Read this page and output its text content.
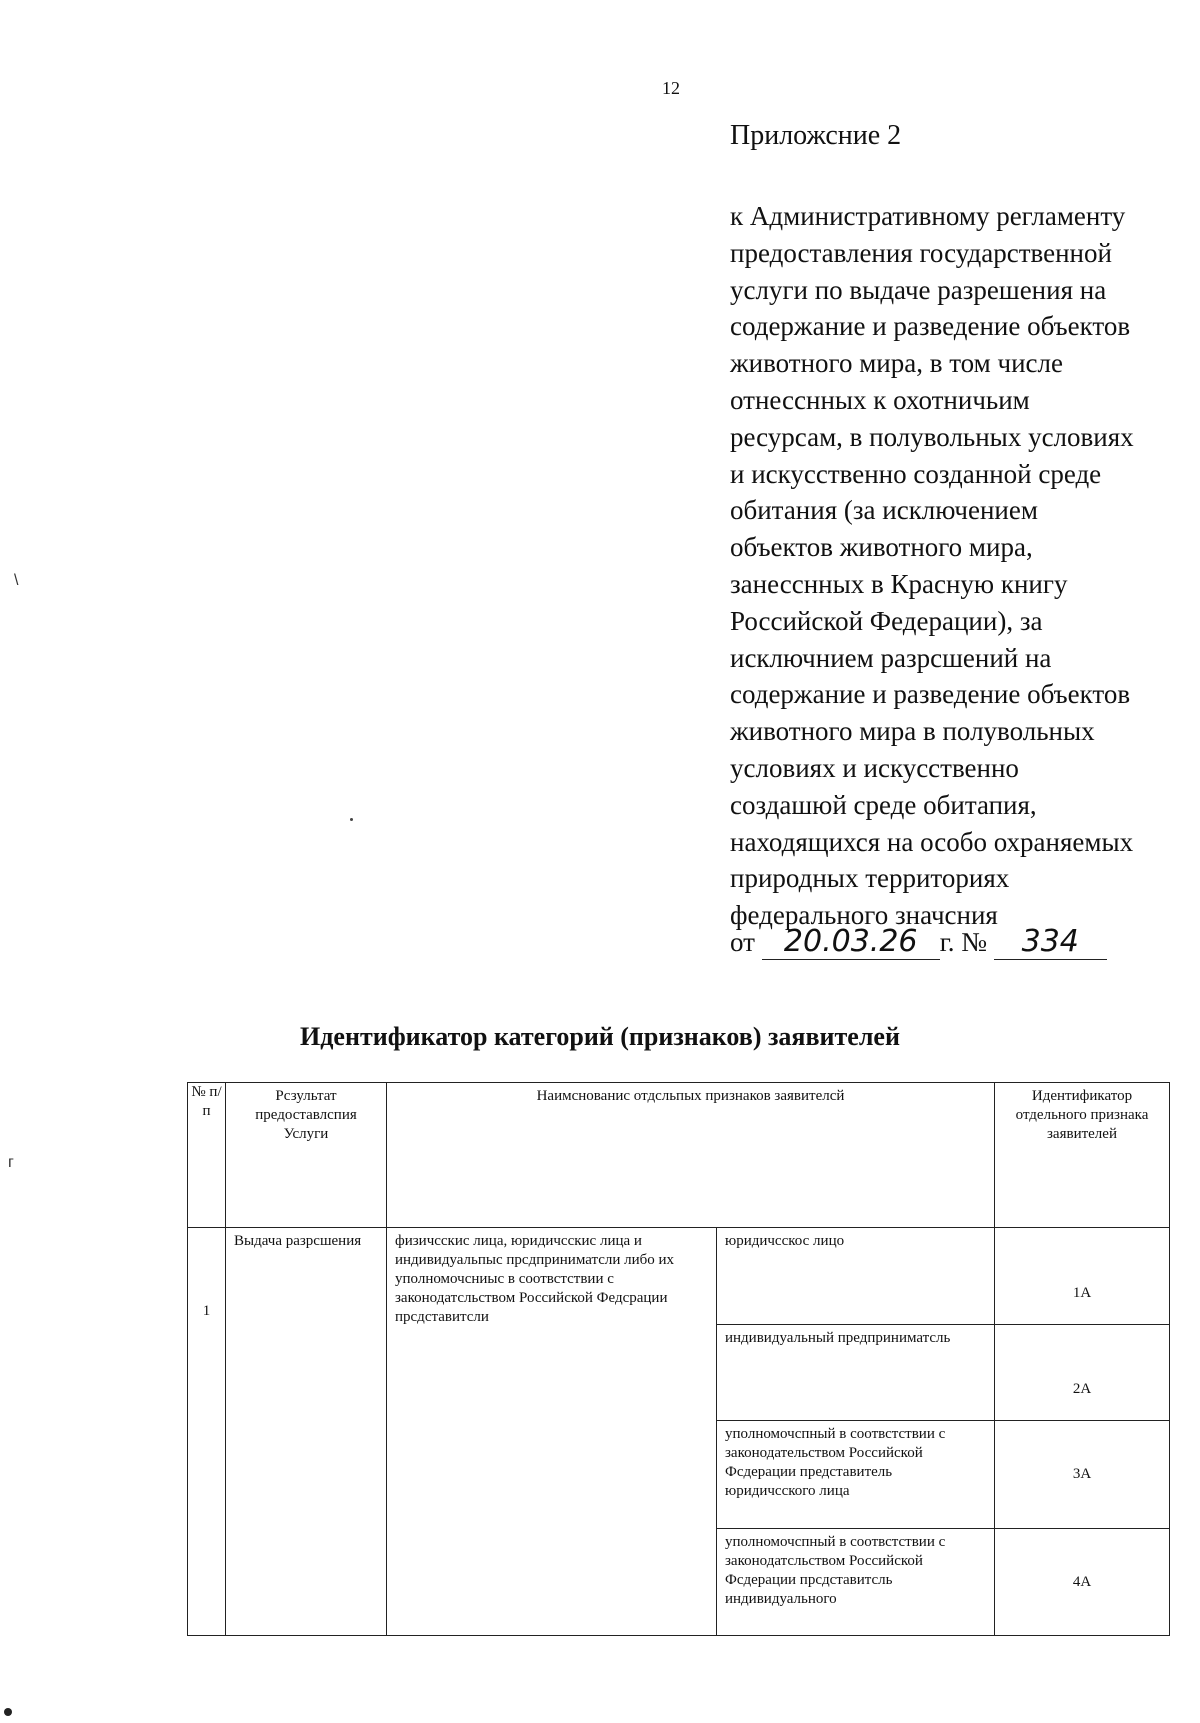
12
Приложсние 2
к Административному регламенту
предоставления государственной
услуги по выдаче разрешения на
содержание и разведение объектов
животного мира, в том числе
отнесснных к охотничьим
ресурсам, в полувольных условиях
и искусственно созданной среде
обитания (за исключением
объектов животного мира,
занесснных в Красную книгу
Российской Федерации), за
исключнием разрсшений на
содержание и разведение объектов
животного мира в полувольных
условиях и искусственно
создашюй среде обитапия,
находящихся на особо охраняемых
природных территориях
федерального значсния
от 20.03.26 г. № 334
Идентификатор категорий (признаков) заявителей
№ п/ п	Рсзультат предоставлспия Услуги	Наимснованис отдсльпых признаков заявителсй		Идентификатор отдельного признака заявителей
1	Выдача разрсшения	физичсскис лица, юридичсскис лица и индивидуальпыс прсдприниматсли либо их уполномочсниыс в соотвстствии с законодатсльством Российской Федсрации прсдставитсли	юридичсскос лицо	1А
			индивидуальный предприниматсль	2А
			уполномочспный в соотвстствии с законодательством Российской Фсдерации представитель юридичсского лица	3А
			уполномочспный в соотвстствии с законодатсльством Российской Фсдерации прсдставитсль индивидуального	4А
\
г
